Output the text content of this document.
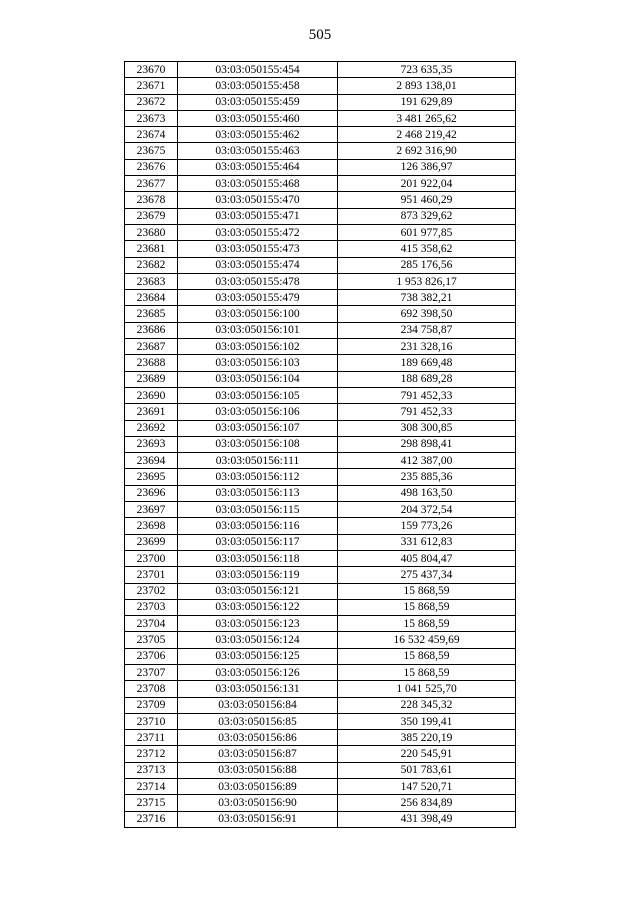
505
23670	03:03:050155:454	723 635,35
23671	03:03:050155:458	2 893 138,01
23672	03:03:050155:459	191 629,89
23673	03:03:050155:460	3 481 265,62
23674	03:03:050155:462	2 468 219,42
23675	03:03:050155:463	2 692 316,90
23676	03:03:050155:464	126 386,97
23677	03:03:050155:468	201 922,04
23678	03:03:050155:470	951 460,29
23679	03:03:050155:471	873 329,62
23680	03:03:050155:472	601 977,85
23681	03:03:050155:473	415 358,62
23682	03:03:050155:474	285 176,56
23683	03:03:050155:478	1 953 826,17
23684	03:03:050155:479	738 382,21
23685	03:03:050156:100	692 398,50
23686	03:03:050156:101	234 758,87
23687	03:03:050156:102	231 328,16
23688	03:03:050156:103	189 669,48
23689	03:03:050156:104	188 689,28
23690	03:03:050156:105	791 452,33
23691	03:03:050156:106	791 452,33
23692	03:03:050156:107	308 300,85
23693	03:03:050156:108	298 898,41
23694	03:03:050156:111	412 387,00
23695	03:03:050156:112	235 885,36
23696	03:03:050156:113	498 163,50
23697	03:03:050156:115	204 372,54
23698	03:03:050156:116	159 773,26
23699	03:03:050156:117	331 612,83
23700	03:03:050156:118	405 804,47
23701	03:03:050156:119	275 437,34
23702	03:03:050156:121	15 868,59
23703	03:03:050156:122	15 868,59
23704	03:03:050156:123	15 868,59
23705	03:03:050156:124	16 532 459,69
23706	03:03:050156:125	15 868,59
23707	03:03:050156:126	15 868,59
23708	03:03:050156:131	1 041 525,70
23709	03:03:050156:84	228 345,32
23710	03:03:050156:85	350 199,41
23711	03:03:050156:86	385 220,19
23712	03:03:050156:87	220 545,91
23713	03:03:050156:88	501 783,61
23714	03:03:050156:89	147 520,71
23715	03:03:050156:90	256 834,89
23716	03:03:050156:91	431 398,49
